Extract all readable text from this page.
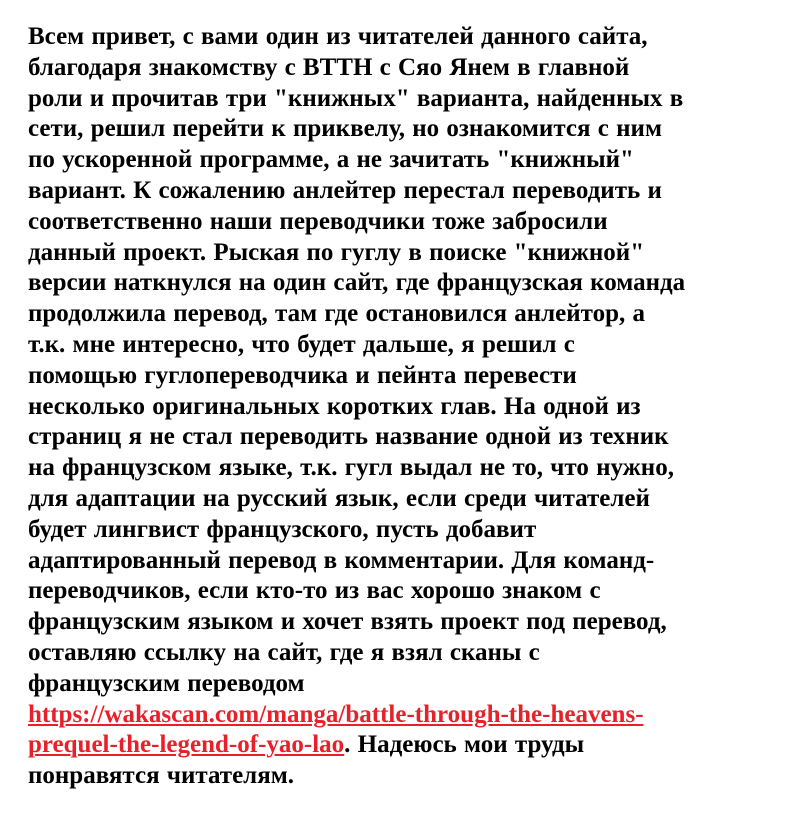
Всем привет, с вами один из читателей данного сайта,
благодаря знакомству с BTTH с Сяо Янем в главной
роли и прочитав три "книжных" варианта, найденных в
сети, решил перейти к приквелу, но ознакомится с ним
по ускоренной программе, а не зачитать "книжный"
вариант. К сожалению анлейтер перестал переводить и
соответственно наши переводчики тоже забросили
данный проект. Рыская по гуглу в поиске "книжной"
версии наткнулся на один сайт, где французская команда
продолжила перевод, там где остановился анлейтор, а
т.к. мне интересно, что будет дальше, я решил с
помощью гуглопереводчика и пейнта перевести
несколько оригинальных коротких глав. На одной из
страниц я не стал переводить название одной из техник
на французском языке, т.к. гугл выдал не то, что нужно,
для адаптации на русский язык, если среди читателей
будет лингвист французского, пусть добавит
адаптированный перевод в комментарии. Для команд-
переводчиков, если кто-то из вас хорошо знаком с
французским языком и хочет взять проект под перевод,
оставляю ссылку на сайт, где я взял сканы с
французским переводом
https://wakascan.com/manga/battle-through-the-heavens-
prequel-the-legend-of-yao-lao. Надеюсь мои труды
понравятся читателям.
